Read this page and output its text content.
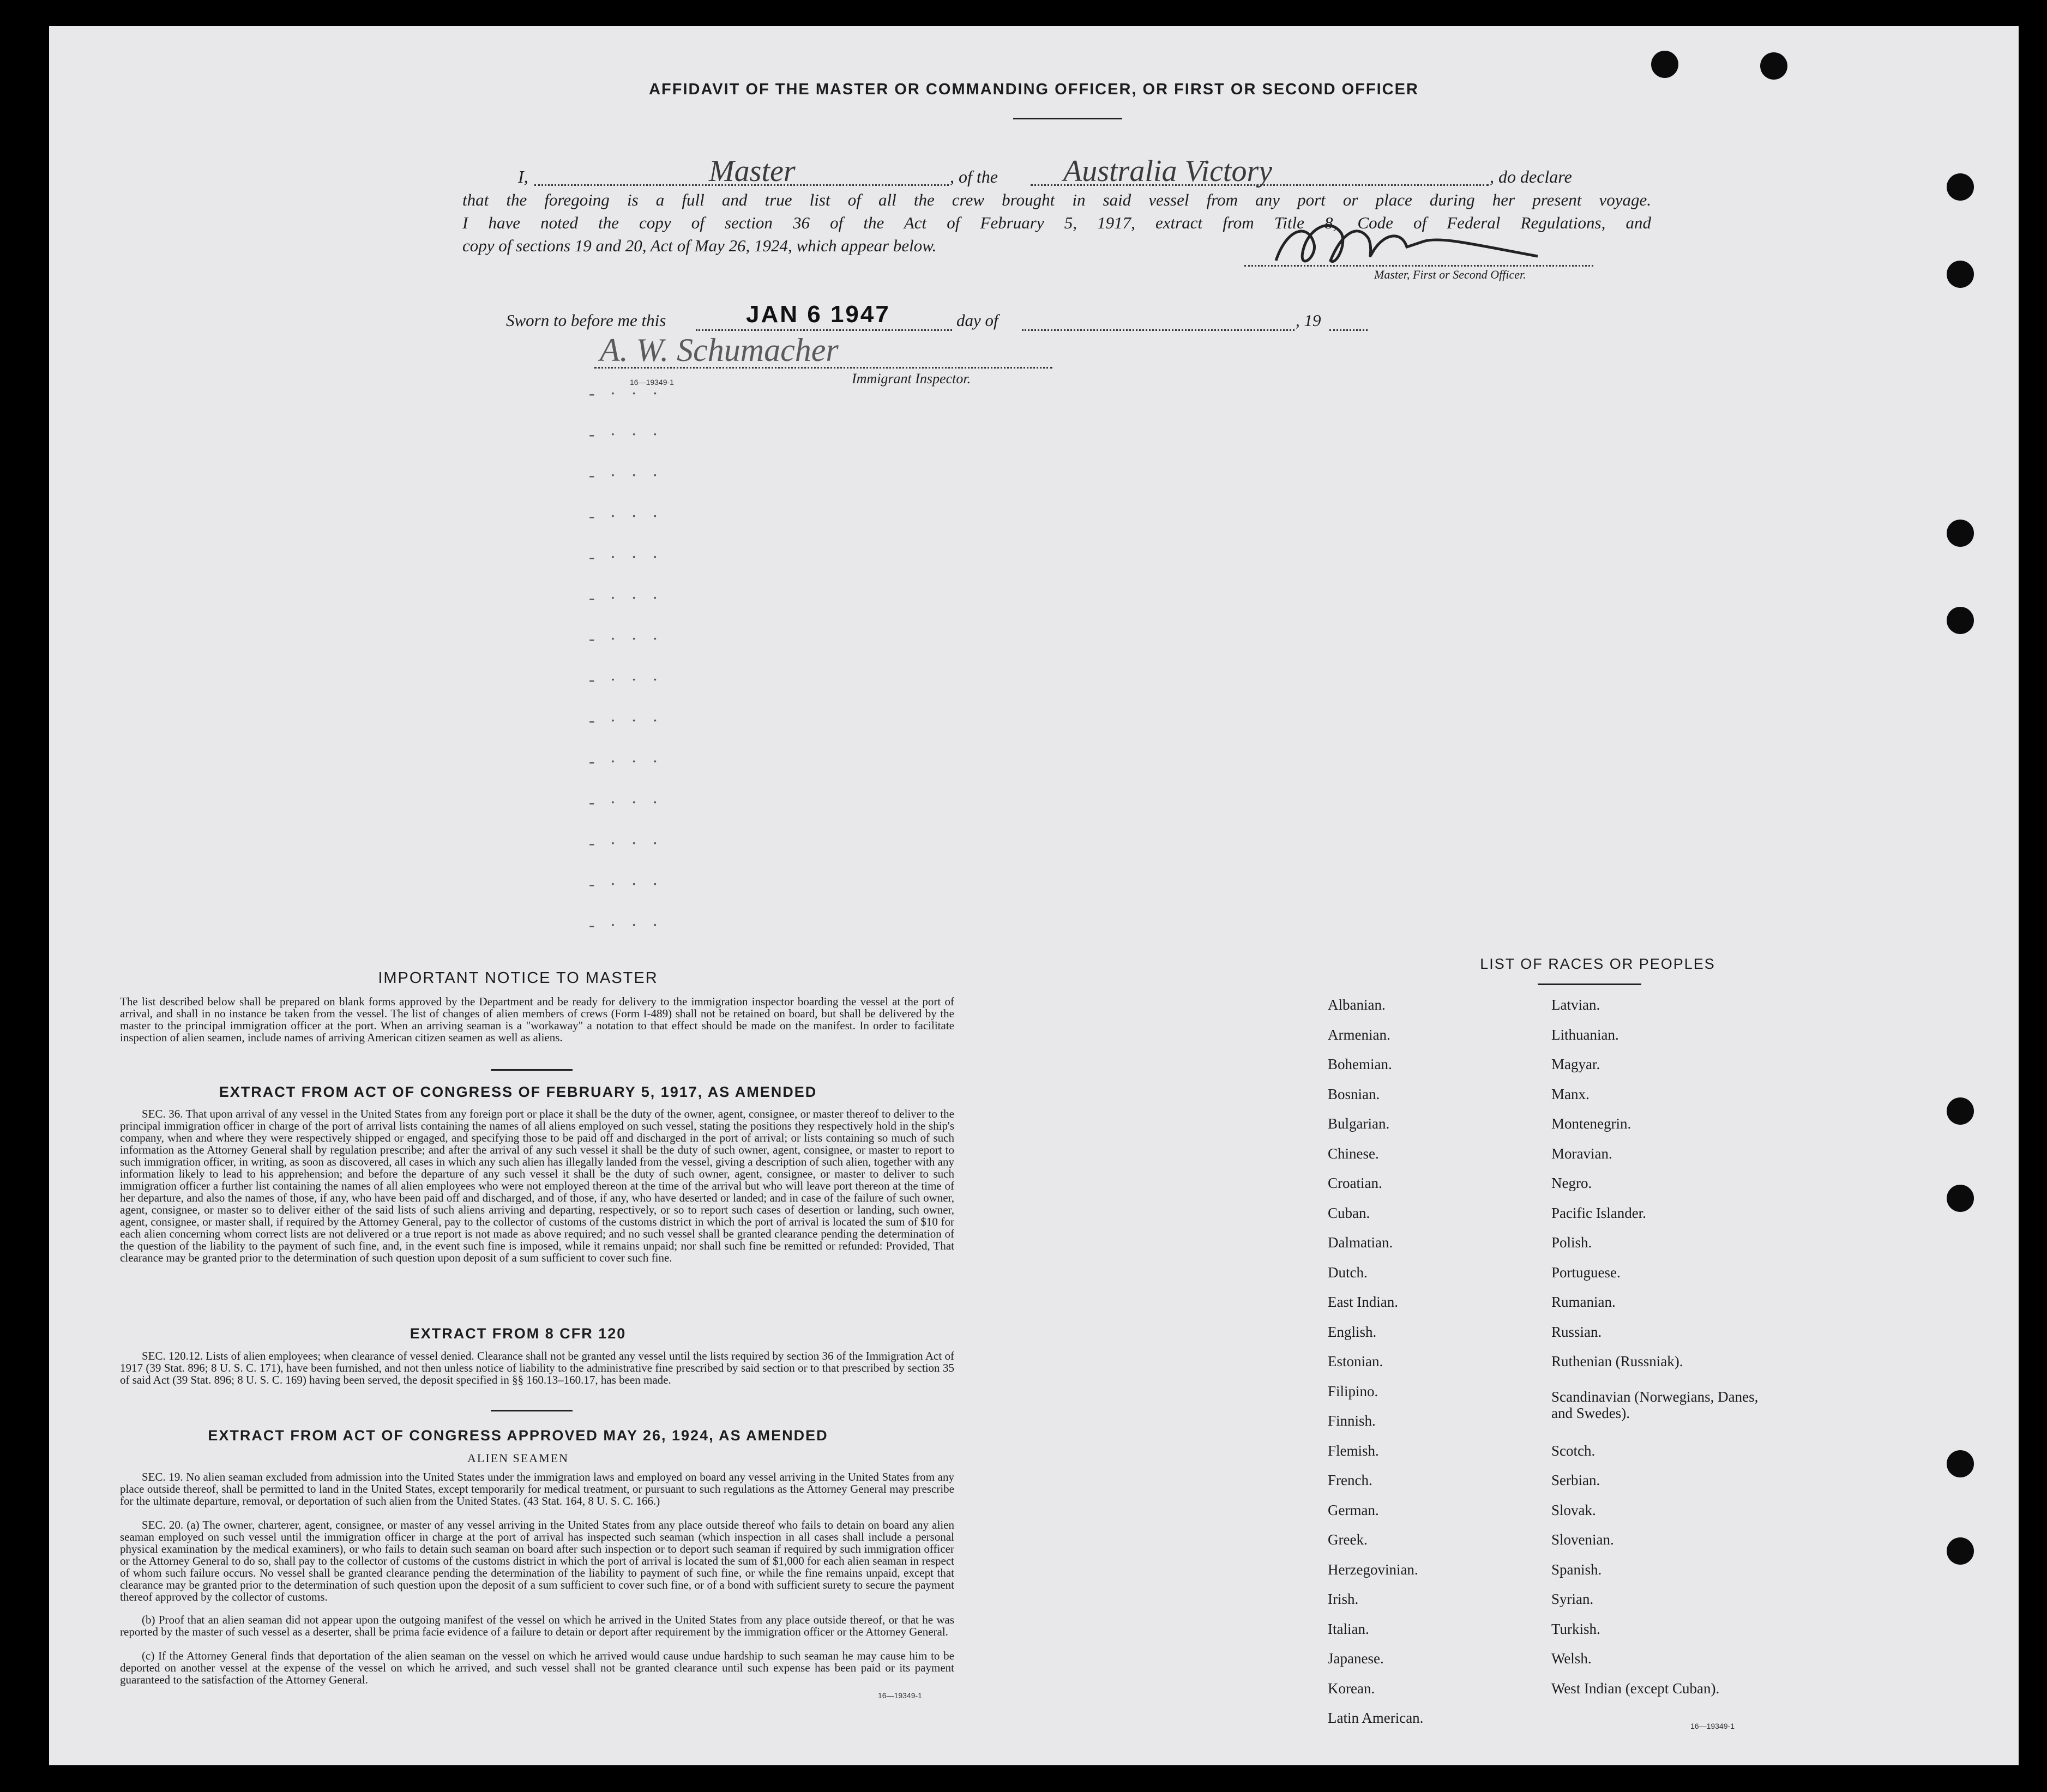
AFFIDAVIT OF THE MASTER OR COMMANDING OFFICER, OR FIRST OR SECOND OFFICER
I,	Master	, of the Australia Victory	, do declare
that the foregoing is a full and true list of all the crew brought in said vessel from any port or place during her present voyage.
I have noted the copy of section 36 of the Act of February 5, 1917, extract from Title 8, Code of Federal Regulations, and
copy of sections 19 and 20, Act of May 26, 1924, which appear below.
Master, First or Second Officer.
Sworn to before me this	JAN 6 1947	day of	, 19
A. W. Schumacher
16—19349-1	Immigrant Inspector.
- · · ·
- · · ·
- · · ·
- · · ·
- · · ·
- · · ·
- · · ·
- · · ·
- · · ·
- · · ·
- · · ·
- · · ·
- · · ·
- · · ·
IMPORTANT NOTICE TO MASTER
The list described below shall be prepared on blank forms approved by the Department and be ready for delivery to the immigration inspector boarding the vessel at the port of arrival, and shall in no instance be taken from the vessel. The list of changes of alien members of crews (Form I-489) shall not be retained on board, but shall be delivered by the master to the principal immigration officer at the port. When an arriving seaman is a "workaway" a notation to that effect should be made on the manifest. In order to facilitate inspection of alien seamen, include names of arriving American citizen seamen as well as aliens.
EXTRACT FROM ACT OF CONGRESS OF FEBRUARY 5, 1917, AS AMENDED
SEC. 36. That upon arrival of any vessel in the United States from any foreign port or place it shall be the duty of the owner, agent, consignee, or master thereof to deliver to the principal immigration officer in charge of the port of arrival lists containing the names of all aliens employed on such vessel, stating the positions they respectively hold in the ship's company, when and where they were respectively shipped or engaged, and specifying those to be paid off and discharged in the port of arrival; or lists containing so much of such information as the Attorney General shall by regulation prescribe; and after the arrival of any such vessel it shall be the duty of such owner, agent, consignee, or master to report to such immigration officer, in writing, as soon as discovered, all cases in which any such alien has illegally landed from the vessel, giving a description of such alien, together with any information likely to lead to his apprehension; and before the departure of any such vessel it shall be the duty of such owner, agent, consignee, or master to deliver to such immigration officer a further list containing the names of all alien employees who were not employed thereon at the time of the arrival but who will leave port thereon at the time of her departure, and also the names of those, if any, who have been paid off and discharged, and of those, if any, who have deserted or landed; and in case of the failure of such owner, agent, consignee, or master so to deliver either of the said lists of such aliens arriving and departing, respectively, or so to report such cases of desertion or landing, such owner, agent, consignee, or master shall, if required by the Attorney General, pay to the collector of customs of the customs district in which the port of arrival is located the sum of $10 for each alien concerning whom correct lists are not delivered or a true report is not made as above required; and no such vessel shall be granted clearance pending the determination of the question of the liability to the payment of such fine, and, in the event such fine is imposed, while it remains unpaid; nor shall such fine be remitted or refunded: Provided, That clearance may be granted prior to the determination of such question upon deposit of a sum sufficient to cover such fine.
EXTRACT FROM 8 CFR 120
SEC. 120.12. Lists of alien employees; when clearance of vessel denied. Clearance shall not be granted any vessel until the lists required by section 36 of the Immigration Act of 1917 (39 Stat. 896; 8 U. S. C. 171), have been furnished, and not then unless notice of liability to the administrative fine prescribed by said section or to that prescribed by section 35 of said Act (39 Stat. 896; 8 U. S. C. 169) having been served, the deposit specified in §§ 160.13–160.17, has been made.
EXTRACT FROM ACT OF CONGRESS APPROVED MAY 26, 1924, AS AMENDED
ALIEN SEAMEN
SEC. 19. No alien seaman excluded from admission into the United States under the immigration laws and employed on board any vessel arriving in the United States from any place outside thereof, shall be permitted to land in the United States, except temporarily for medical treatment, or pursuant to such regulations as the Attorney General may prescribe for the ultimate departure, removal, or deportation of such alien from the United States. (43 Stat. 164, 8 U. S. C. 166.)
SEC. 20. (a) The owner, charterer, agent, consignee, or master of any vessel arriving in the United States from any place outside thereof who fails to detain on board any alien seaman employed on such vessel until the immigration officer in charge at the port of arrival has inspected such seaman (which inspection in all cases shall include a personal physical examination by the medical examiners), or who fails to detain such seaman on board after such inspection or to deport such seaman if required by such immigration officer or the Attorney General to do so, shall pay to the collector of customs of the customs district in which the port of arrival is located the sum of $1,000 for each alien seaman in respect of whom such failure occurs. No vessel shall be granted clearance pending the determination of the liability to payment of such fine, or while the fine remains unpaid, except that clearance may be granted prior to the determination of such question upon the deposit of a sum sufficient to cover such fine, or of a bond with sufficient surety to secure the payment thereof approved by the collector of customs.
(b) Proof that an alien seaman did not appear upon the outgoing manifest of the vessel on which he arrived in the United States from any place outside thereof, or that he was reported by the master of such vessel as a deserter, shall be prima facie evidence of a failure to detain or deport after requirement by the immigration officer or the Attorney General.
(c) If the Attorney General finds that deportation of the alien seaman on the vessel on which he arrived would cause undue hardship to such seaman he may cause him to be deported on another vessel at the expense of the vessel on which he arrived, and such vessel shall not be granted clearance until such expense has been paid or its payment guaranteed to the satisfaction of the Attorney General.
16—19349-1
LIST OF RACES OR PEOPLES
16—19349-1
Albanian.
Armenian.
Bohemian.
Bosnian.
Bulgarian.
Chinese.
Croatian.
Cuban.
Dalmatian.
Dutch.
East Indian.
English.
Estonian.
Filipino.
Finnish.
Flemish.
French.
German.
Greek.
Herzegovinian.
Irish.
Italian.
Japanese.
Korean.
Latin American.
Latvian.
Lithuanian.
Magyar.
Manx.
Montenegrin.
Moravian.
Negro.
Pacific Islander.
Polish.
Portuguese.
Rumanian.
Russian.
Ruthenian (Russniak).
Scandinavian (Norwegians, Danes, and Swedes).
Scotch.
Serbian.
Slovak.
Slovenian.
Spanish.
Syrian.
Turkish.
Welsh.
West Indian (except Cuban).
